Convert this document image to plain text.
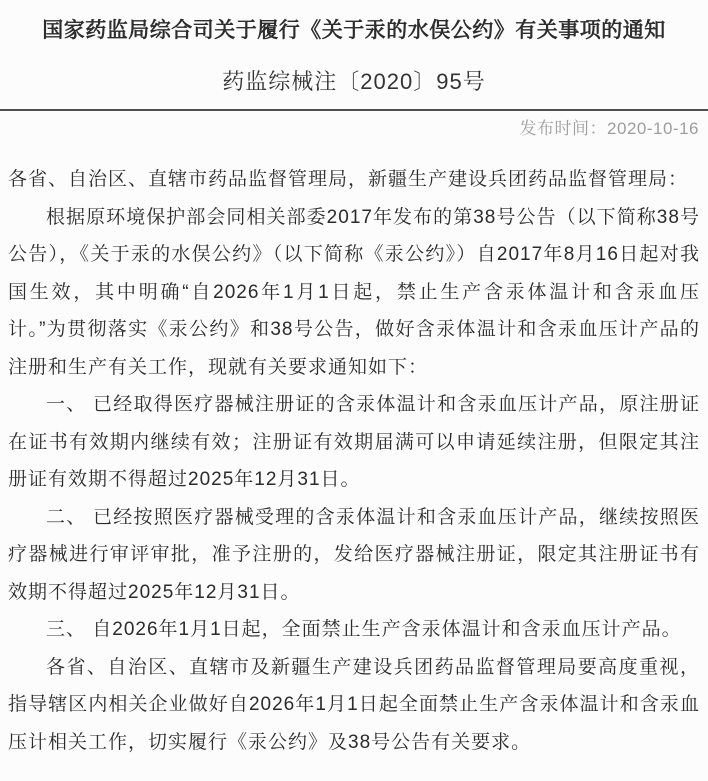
国家药监局综合司关于履行《关于汞的水俣公约》有关事项的通知
药监综械注〔2020〕95号
发布时间：2020-10-16

各省、自治区、直辖市药品监督管理局，新疆生产建设兵团药品监督管理局：

根据原环境保护部会同相关部委2017年发布的第38号公告（以下简称38号公告），《关于汞的水俣公约》（以下简称《汞公约》）自2017年8月16日起对我国生效，其中明确“自2026年1月1日起，禁止生产含汞体温计和含汞血压计。”为贯彻落实《汞公约》和38号公告，做好含汞体温计和含汞血压计产品的注册和生产有关工作，现就有关要求通知如下：

一、 已经取得医疗器械注册证的含汞体温计和含汞血压计产品，原注册证在证书有效期内继续有效；注册证有效期届满可以申请延续注册，但限定其注册证有效期不得超过2025年12月31日。

二、 已经按照医疗器械受理的含汞体温计和含汞血压计产品，继续按照医疗器械进行审评审批，准予注册的，发给医疗器械注册证，限定其注册证书有效期不得超过2025年12月31日。

三、 自2026年1月1日起，全面禁止生产含汞体温计和含汞血压计产品。

各省、自治区、直辖市及新疆生产建设兵团药品监督管理局要高度重视，指导辖区内相关企业做好自2026年1月1日起全面禁止生产含汞体温计和含汞血压计相关工作，切实履行《汞公约》及38号公告有关要求。
